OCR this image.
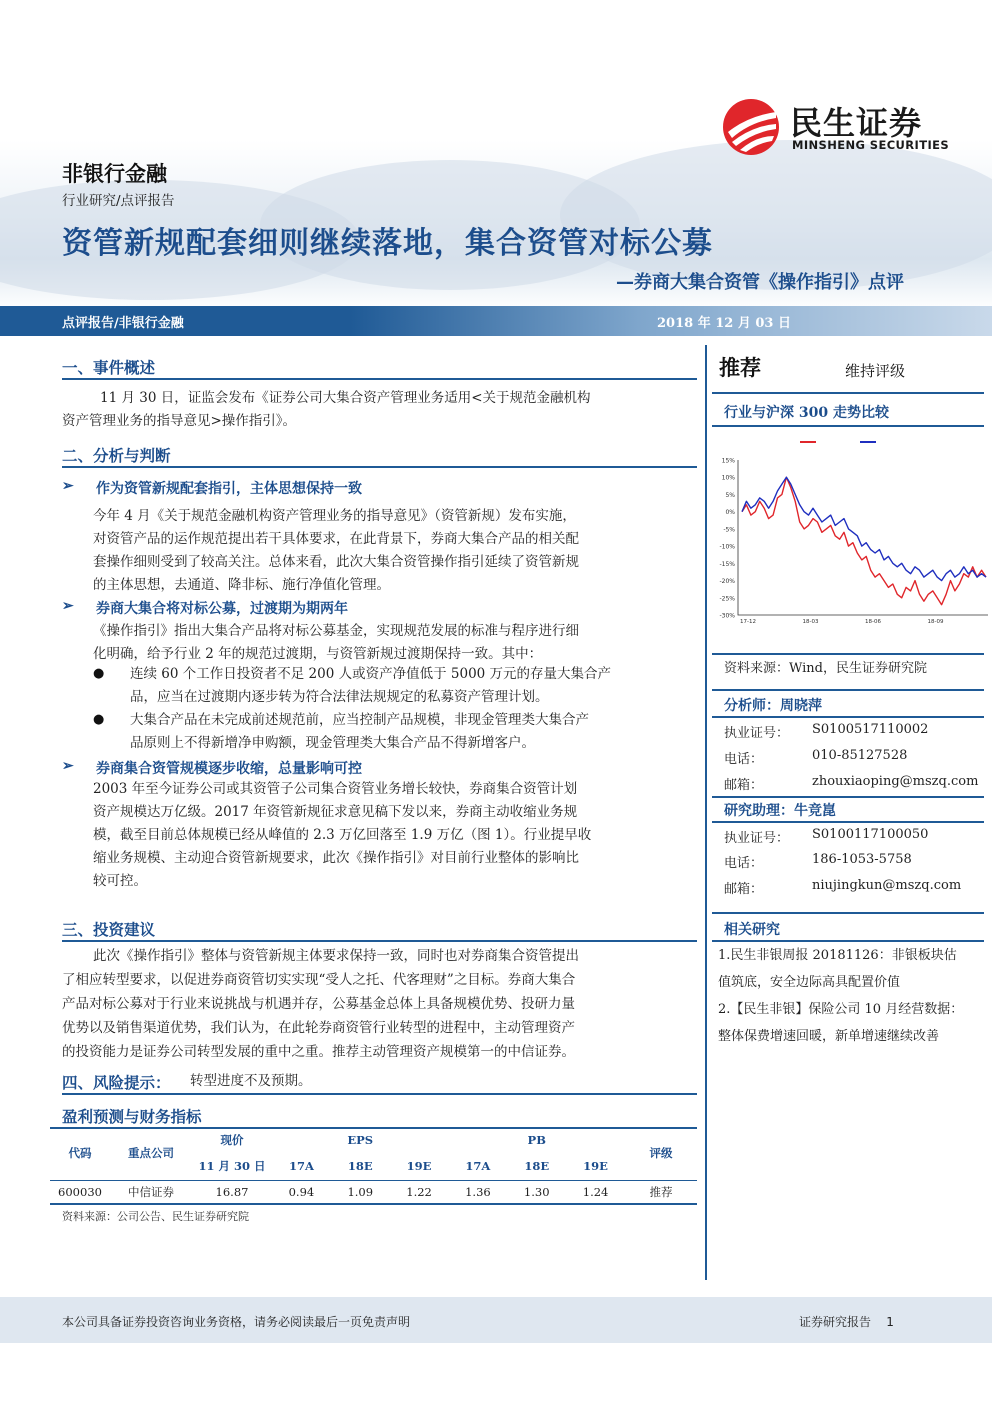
民生证券
MINSHENG SECURITIES
非银行金融
行业研究/点评报告
资管新规配套细则继续落地，集合资管对标公募
—券商大集合资管《操作指引》点评
点评报告/非银行金融	2018 年 12 月 03 日
一、事件概述
11 月 30 日，证监会发布《证券公司大集合资产管理业务适用<关于规范金融机构
资产管理业务的指导意见>操作指引》。
二、分析与判断
➢ 作为资管新规配套指引，主体思想保持一致
今年 4 月《关于规范金融机构资产管理业务的指导意见》（资管新规）发布实施，
对资管产品的运作规范提出若干具体要求，在此背景下，券商大集合产品的相关配
套操作细则受到了较高关注。总体来看，此次大集合资管操作指引延续了资管新规
的主体思想，去通道、降非标、施行净值化管理。
➢ 券商大集合将对标公募，过渡期为期两年
《操作指引》指出大集合产品将对标公募基金，实现规范发展的标准与程序进行细
化明确，给予行业 2 年的规范过渡期，与资管新规过渡期保持一致。其中：
● 连续 60 个工作日投资者不足 200 人或资产净值低于 5000 万元的存量大集合产
品，应当在过渡期内逐步转为符合法律法规规定的私募资产管理计划。
● 大集合产品在未完成前述规范前，应当控制产品规模，非现金管理类大集合产
品原则上不得新增净申购额，现金管理类大集合产品不得新增客户。
➢ 券商集合资管规模逐步收缩，总量影响可控
2003 年至今证券公司或其资管子公司集合资管业务增长较快，券商集合资管计划
资产规模达万亿级。2017 年资管新规征求意见稿下发以来，券商主动收缩业务规
模，截至目前总体规模已经从峰值的 2.3 万亿回落至 1.9 万亿（图 1）。行业提早收
缩业务规模、主动迎合资管新规要求，此次《操作指引》对目前行业整体的影响比
较可控。
三、投资建议
此次《操作指引》整体与资管新规主体要求保持一致，同时也对券商集合资管提出
了相应转型要求，以促进券商资管切实实现“受人之托、代客理财”之目标。券商大集合
产品对标公募对于行业来说挑战与机遇并存，公募基金总体上具备规模优势、投研力量
优势以及销售渠道优势，我们认为，在此轮券商资管行业转型的进程中，主动管理资产
的投资能力是证券公司转型发展的重中之重。推荐主动管理资产规模第一的中信证券。
四、风险提示： 转型进度不及预期。
盈利预测与财务指标
代码	重点公司	现价	EPS			PB			评级
		11 月 30 日	17A	18E	19E	17A	18E	19E	
600030	中信证券	16.87	0.94	1.09	1.22	1.36	1.30	1.24	推荐
资料来源：公司公告、民生证券研究院
推荐	维持评级
行业与沪深 300 走势比较
15%
10%
5%
0%
-5%
-10%
-15%
-20%
-25%
-30%
17-12	18-03	18-06	18-09
资料来源：Wind，民生证券研究院
分析师：周晓萍
执业证号： S0100517110002
电话：	010-85127528
邮箱：	zhouxiaoping@mszq.com
研究助理：牛竞崑
执业证号： S0100117100050
电话：	186-1053-5758
邮箱：	niujingkun@mszq.com
相关研究
1.民生非银周报 20181126：非银板块估
值筑底，安全边际高具配置价值
2.【民生非银】保险公司 10 月经营数据：
整体保费增速回暖，新单增速继续改善
本公司具备证券投资咨询业务资格，请务必阅读最后一页免责声明	证券研究报告 1
